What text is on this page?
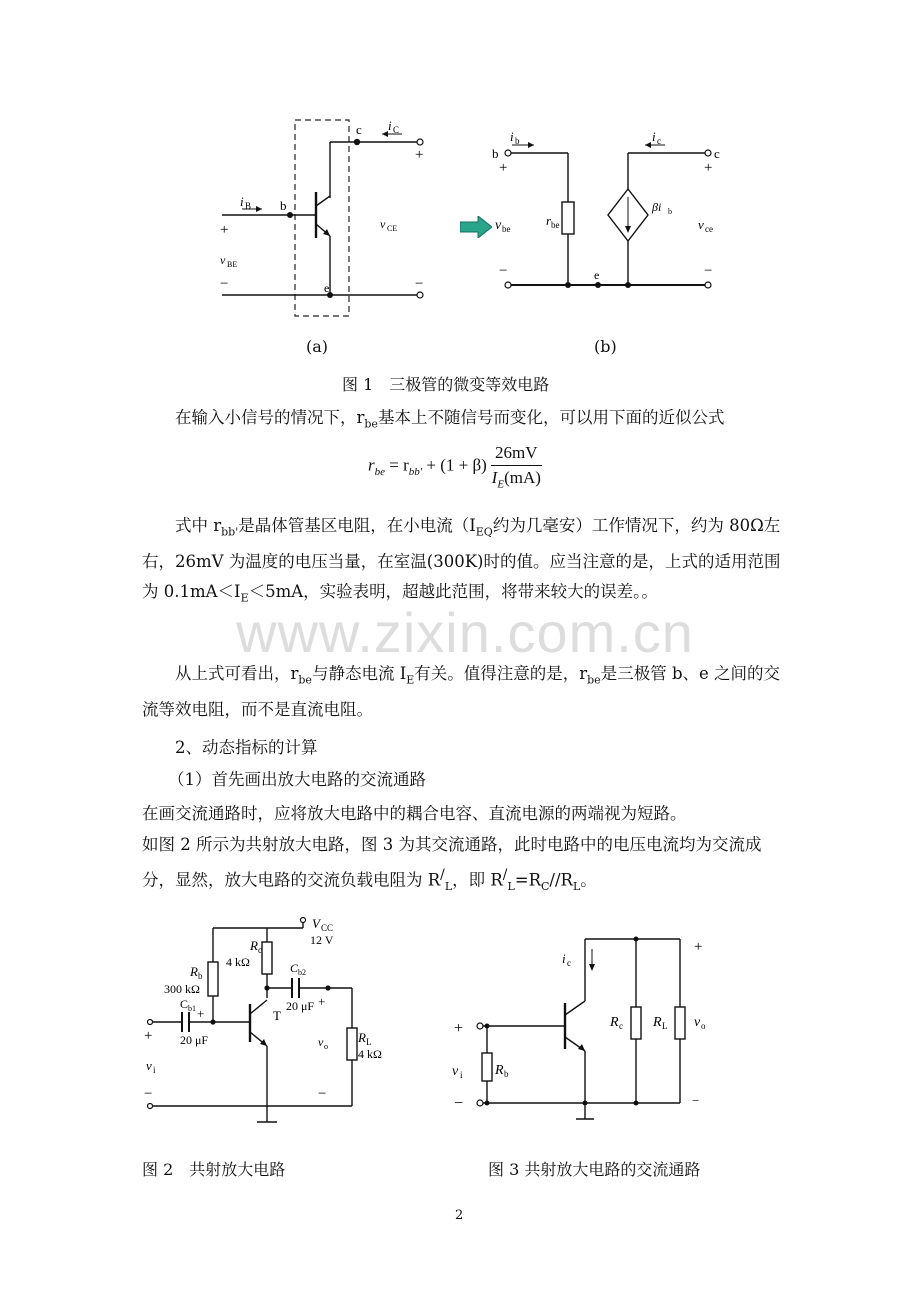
c i C
b
i B
+
+
−	−
e
v BE
v CE
i b	i c
b	c
+	+
−	−
e
v be	v ce
r be
βi b
(a)	(b)
图 1　三极管的微变等效电路
在输入小信号的情况下，$r_{be}$基本上不随信号而变化，可以用下面的近似公式
$r_{be} = r_{bb'} + (1 + \beta) \frac{26mV}{I_E(mA)}$
式中 $r_{bb'}$是晶体管基区电阻，在小电流（$I_{EQ}$约为几毫安）工作情况下，约为 80Ω左右，26mV 为温度的电压当量，在室温(300K)时的值。应当注意的是，上式的适用范围为 $0.1mA<I_E<5mA$，实验表明，超越此范围，将带来较大的误差。。
www.zixin.com.cn
从上式可看出，$r_{be}$与静态电流 $I_E$有关。值得注意的是，$r_{be}$是三极管 b、e 之间的交流等效电阻，而不是直流电阻。
2、动态指标的计算
（1）首先画出放大电路的交流通路
在画交流通路时，应将放大电路中的耦合电容、直流电源的两端视为短路。
如图 2 所示为共射放大电路，图 3 为其交流通路，此时电路中的电压电流均为交流成分，显然，放大电路的交流负载电阻为 $R^/_L$，即 $R^/_L=R_C//R_L$。
V CC
12 V
R b
300 kΩ
R c
4 kΩ
C b1
20 μF
C b2
20 μF
R L
4 kΩ
T
v i
v o
+
+
+
−	−
i c
R c R L v o
v i R b
+
+
−	−
图 2　共射放大电路	图 3 共射放大电路的交流通路
2
